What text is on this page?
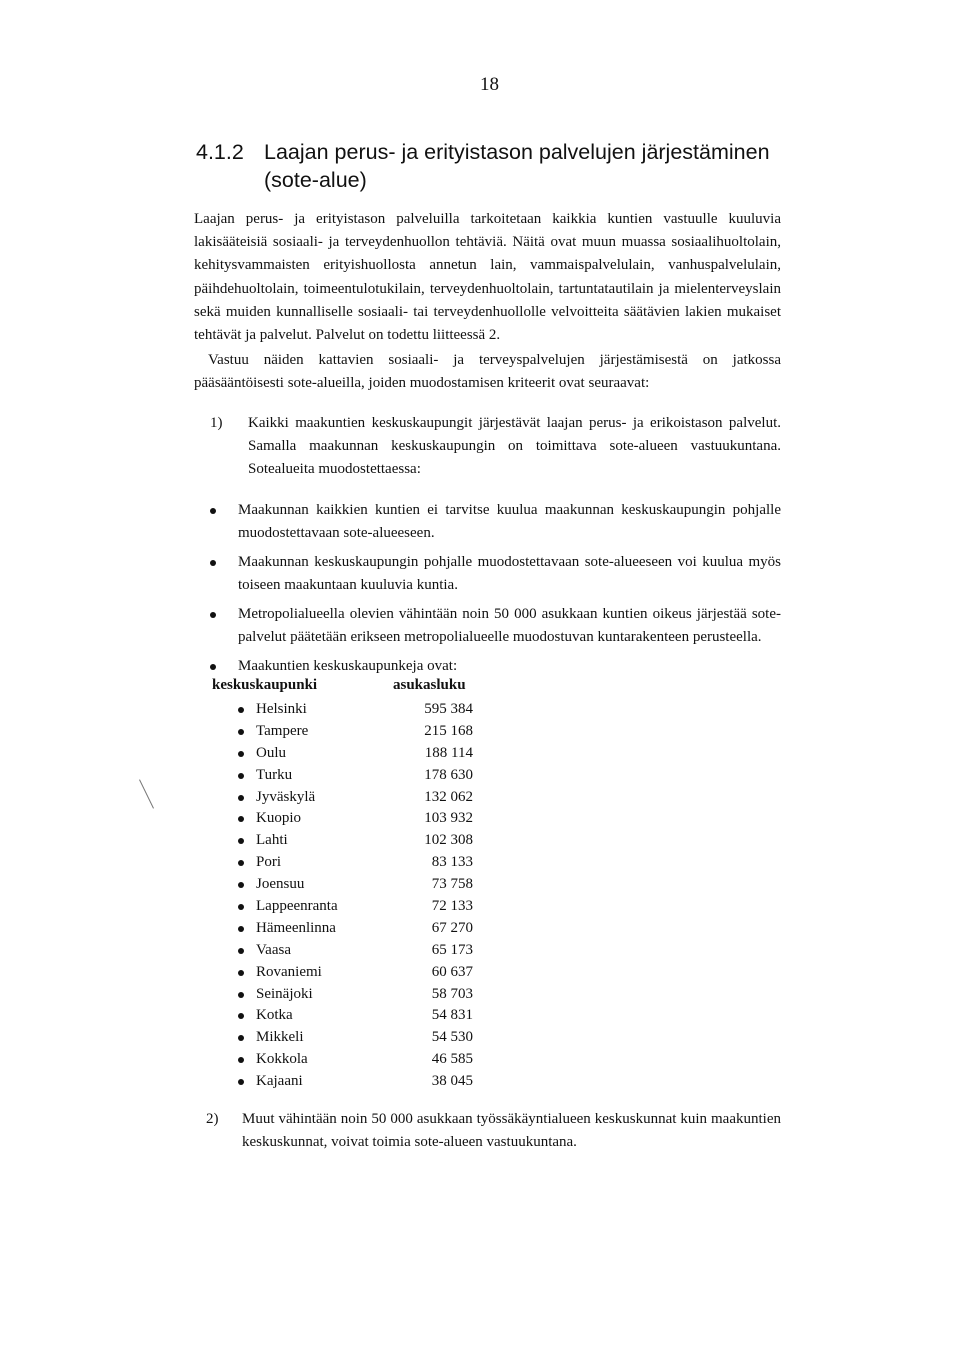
18
4.1.2 Laajan perus- ja erityistason palvelujen järjestäminen
(sote-alue)
Laajan perus- ja erityistason palveluilla tarkoitetaan kaikkia kuntien vastuulle kuuluvia lakisääteisiä sosiaali- ja terveydenhuollon tehtäviä. Näitä ovat muun muassa sosiaalihuoltolain, kehitysvammaisten erityishuollosta annetun lain, vammaispalvelulain, vanhuspalvelulain, päihdehuoltolain, toimeentulotukilain, terveydenhuoltolain, tartuntatautilain ja mielenterveyslain sekä muiden kunnalliselle sosiaali- tai terveydenhuollolle velvoitteita säätävien lakien mukaiset tehtävät ja palvelut. Palvelut on todettu liitteessä 2.
Vastuu näiden kattavien sosiaali- ja terveyspalvelujen järjestämisestä on jatkossa pääsääntöisesti sote-alueilla, joiden muodostamisen kriteerit ovat seuraavat:
1) Kaikki maakuntien keskuskaupungit järjestävät laajan perus- ja erikoistason palvelut. Samalla maakunnan keskuskaupungin on toimittava sote-alueen vastuukuntana. Sotealueita muodostettaessa:
Maakunnan kaikkien kuntien ei tarvitse kuulua maakunnan keskuskaupungin pohjalle muodostettavaan sote-alueeseen.
Maakunnan keskuskaupungin pohjalle muodostettavaan sote-alueeseen voi kuulua myös toiseen maakuntaan kuuluvia kuntia.
Metropolialueella olevien vähintään noin 50 000 asukkaan kuntien oikeus järjestää sote-palvelut päätetään erikseen metropolialueelle muodostuvan kuntarakenteen perusteella.
Maakuntien keskuskaupunkeja ovat:
keskuskaupunki	asukasluku
Helsinki	595 384
Tampere	215 168
Oulu	188 114
Turku	178 630
Jyväskylä	132 062
Kuopio	103 932
Lahti	102 308
Pori	83 133
Joensuu	73 758
Lappeenranta	72 133
Hämeenlinna	67 270
Vaasa	65 173
Rovaniemi	60 637
Seinäjoki	58 703
Kotka	54 831
Mikkeli	54 530
Kokkola	46 585
Kajaani	38 045
2) Muut vähintään noin 50 000 asukkaan työssäkäyntialueen keskuskunnat kuin maakuntien keskuskunnat, voivat toimia sote-alueen vastuukuntana.
